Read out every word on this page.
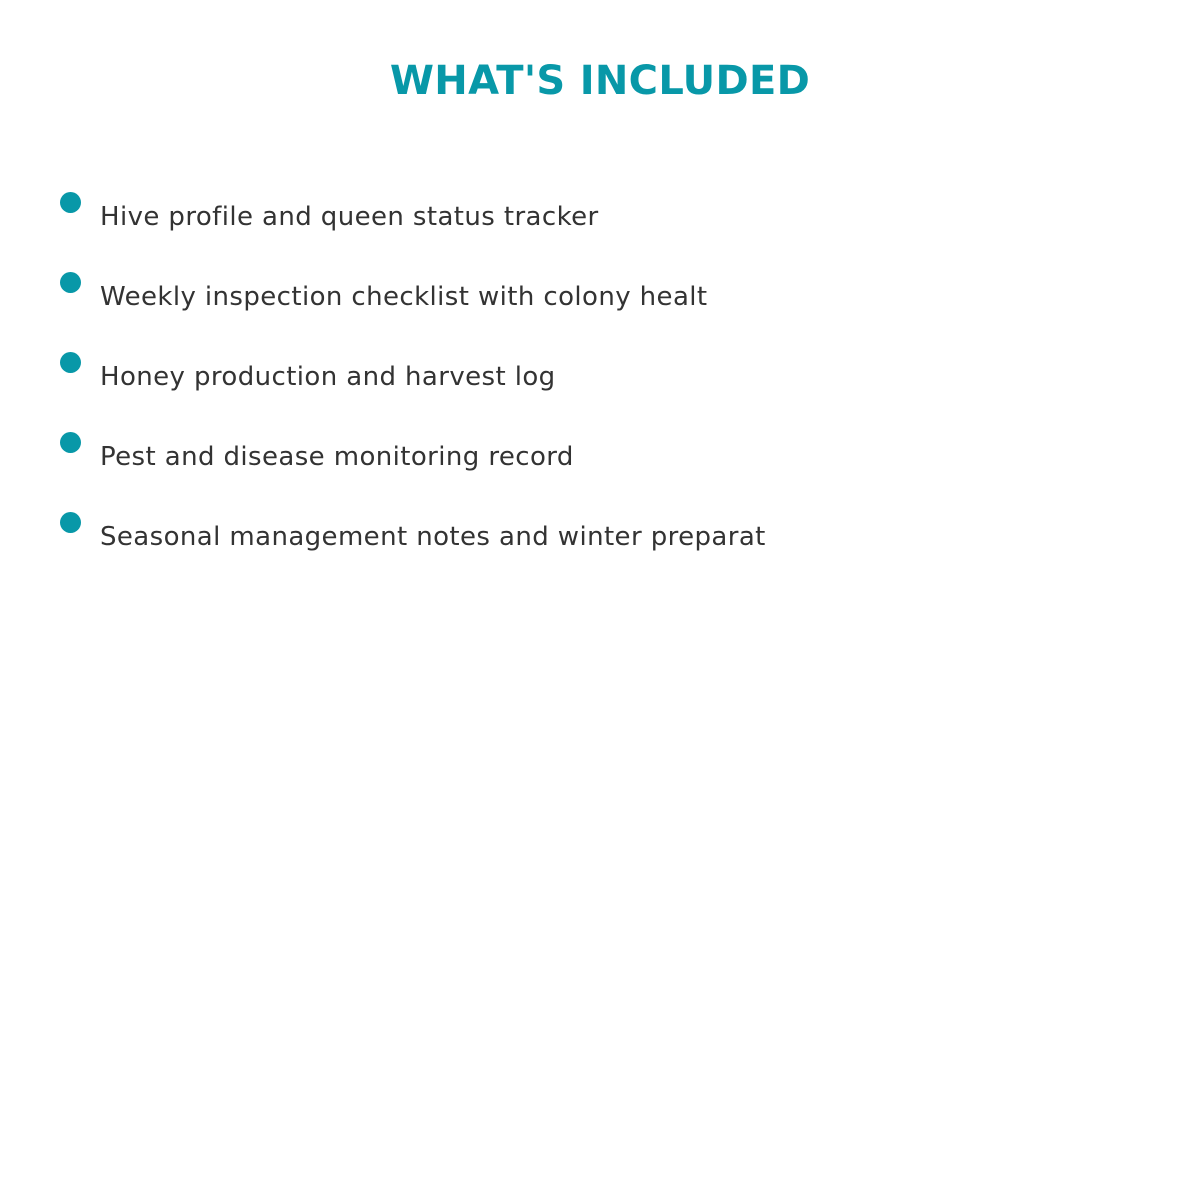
WHAT'S INCLUDED
Hive profile and queen status tracker
Weekly inspection checklist with colony healt
Honey production and harvest log
Pest and disease monitoring record
Seasonal management notes and winter preparat
